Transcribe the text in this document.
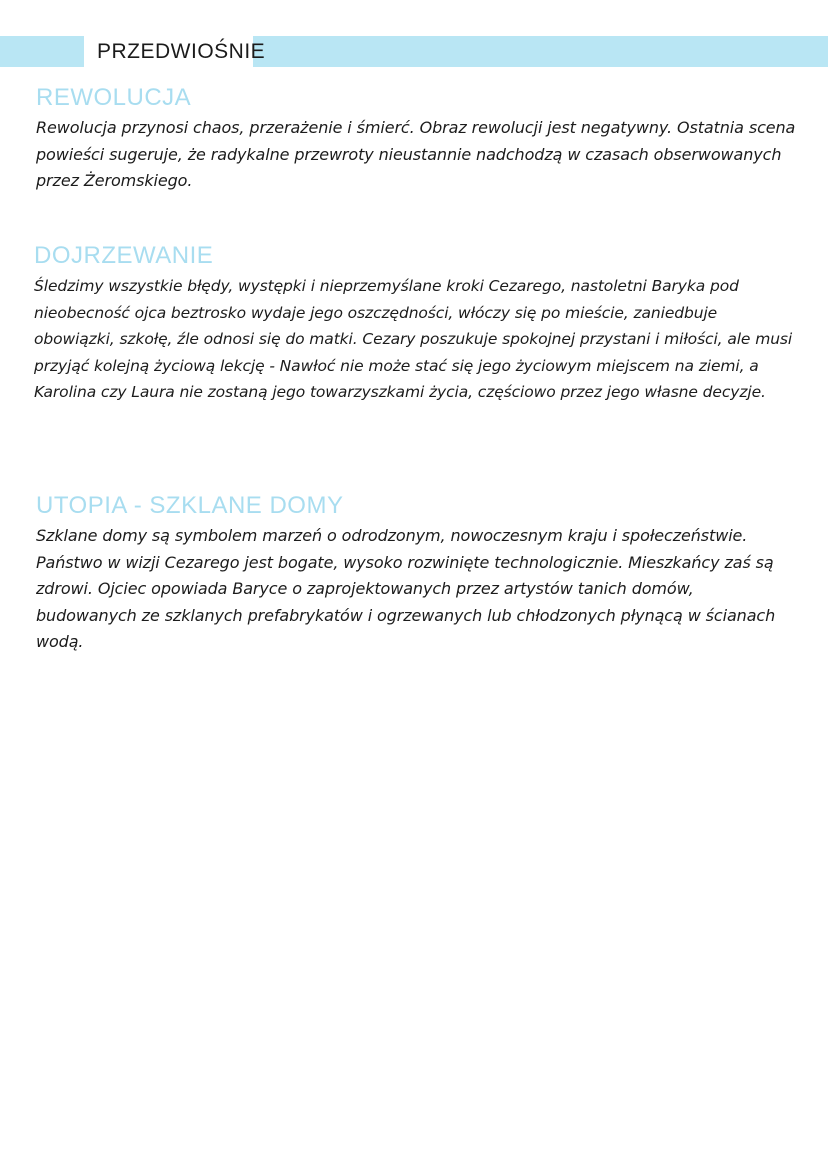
PRZEDWIOŚNIE
REWOLUCJA

Rewolucja przynosi chaos, przerażenie i śmierć. Obraz rewolucji jest negatywny. Ostatnia scena powieści sugeruje, że radykalne przewroty nieustannie nadchodzą w czasach obserwowanych przez Żeromskiego.

DOJRZEWANIE

Śledzimy wszystkie błędy, występki i nieprzemyślane kroki Cezarego, nastoletni Baryka pod nieobecność ojca beztrosko wydaje jego oszczędności, włóczy się po mieście, zaniedbuje obowiązki, szkołę, źle odnosi się do matki. Cezary poszukuje spokojnej przystani i miłości, ale musi przyjąć kolejną życiową lekcję - Nawłoć nie może stać się jego życiowym miejscem na ziemi, a Karolina czy Laura nie zostaną jego towarzyszkami życia, częściowo przez jego własne decyzje.

UTOPIA - SZKLANE DOMY

Szklane domy są symbolem marzeń o odrodzonym, nowoczesnym kraju i społeczeństwie. Państwo w wizji Cezarego jest bogate, wysoko rozwinięte technologicznie. Mieszkańcy zaś są zdrowi. Ojciec opowiada Baryce o zaprojektowanych przez artystów tanich domów, budowanych ze szklanych prefabrykatów i ogrzewanych lub chłodzonych płynącą w ścianach wodą.
